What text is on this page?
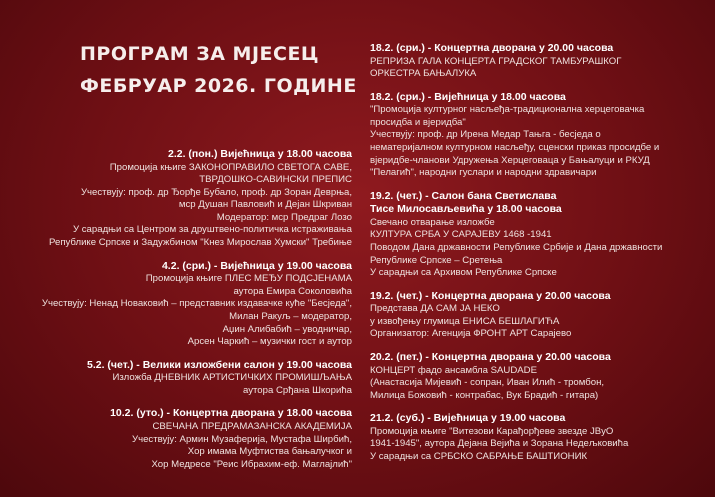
ПРОГРАМ ЗА МЈЕСЕЦ
ФЕБРУАР 2026. ГОДИНЕ
2.2. (пон.) Вијећница у 18.00 часова
Промоција књиге ЗАКОНОПРАВИЛО СВЕТОГА САВЕ,
ТВРДОШКО-САВИНСКИ ПРЕПИС
Учествују: проф. др Ђорђе Бубало, проф. др Зоран Деврња,
мср Душан Павловић и Дејан Шкриван
Модератор: мср Предраг Лозо
У сарадњи са Центром за друштвено-политичка истраживања
Републике Српске и Задужбином "Кнез Мирослав Хумски" Требиње
4.2. (сри.) - Вијећница у 19.00 часова
Промоција књиге ПЛЕС МЕЂУ ПОДСЈЕНАМА
аутора Емира Соколовића
Учествују: Ненад Новаковић – представник издавачке куће "Бесједа",
Милан Ракуљ – модератор,
Аџин Алибабић – уводничар,
Арсен Чаркић – музички гост и аутор
5.2. (чет.) - Велики изложбени салон у 19.00 часова
Изложба ДНЕВНИК АРТИСТИЧКИХ ПРОМИШЉАЊА
аутора Срђана Шкорића
10.2. (уто.) - Концертна дворана у 18.00 часова
СВЕЧАНА ПРЕДРАМАЗАНСКА АКАДЕМИЈА
Учествују: Армин Музаферија, Мустафа Ширбић,
Хор имама Муфтиства бањалучког и
Хор Медресе "Реис Ибрахим-еф. Маглајлић"
18.2. (сри.) - Концертна дворана у 20.00 часова
РЕПРИЗА ГАЛА КОНЦЕРТА ГРАДСКОГ ТАМБУРАШКОГ
ОРКЕСТРА БАЊАЛУКА
18.2. (сри.) - Вијећница у 18.00 часова
"Промоција културног насљеђа-традиционална херцеговачка
просидба и вјеридба"
Учествују: проф. др Ирена Медар Тањга - бесједа о
нематеријалном културном насљеђу, сценски приказ просидбе и
вјеридбе-чланови Удружења Херцеговаца у Бањалуци и РКУД
"Пелагић", народни гуслари и народни здравичари
19.2. (чет.) - Салон бана Светислава
Тисе Милосављевића у 18.00 часова
Свечано отварање изложбе
КУЛТУРА СРБА У САРАЈЕВУ 1468 -1941
Поводом Дана државности Републике Србије и Дана државности
Републике Српске – Сретења
У сарадњи са Архивом Републике Српске
19.2. (чет.) - Концертна дворана у 20.00 часова
Представа ДА САМ ЈА НЕКО
у извођењу глумица ЕНИСА БЕШЛАГИЋА
Организатор: Агенција ФРОНТ АРТ Сарајево
20.2. (пет.) - Концертна дворана у 20.00 часова
КОНЦЕРТ фадо ансамбла SAUDADE
(Анастасија Мијевић - сопран, Иван Илић - тромбон,
Милица Божовић - контрабас, Вук Брадић - гитара)
21.2. (суб.) - Вијећница у 19.00 часова
Промоција књиге "Витезови Карађорђеве звезде ЈВуО
1941-1945", аутора Дејана Вејића и Зорана Недељковића
У сарадњи са СРБСКО САБРАЊЕ БАШТИОНИК
